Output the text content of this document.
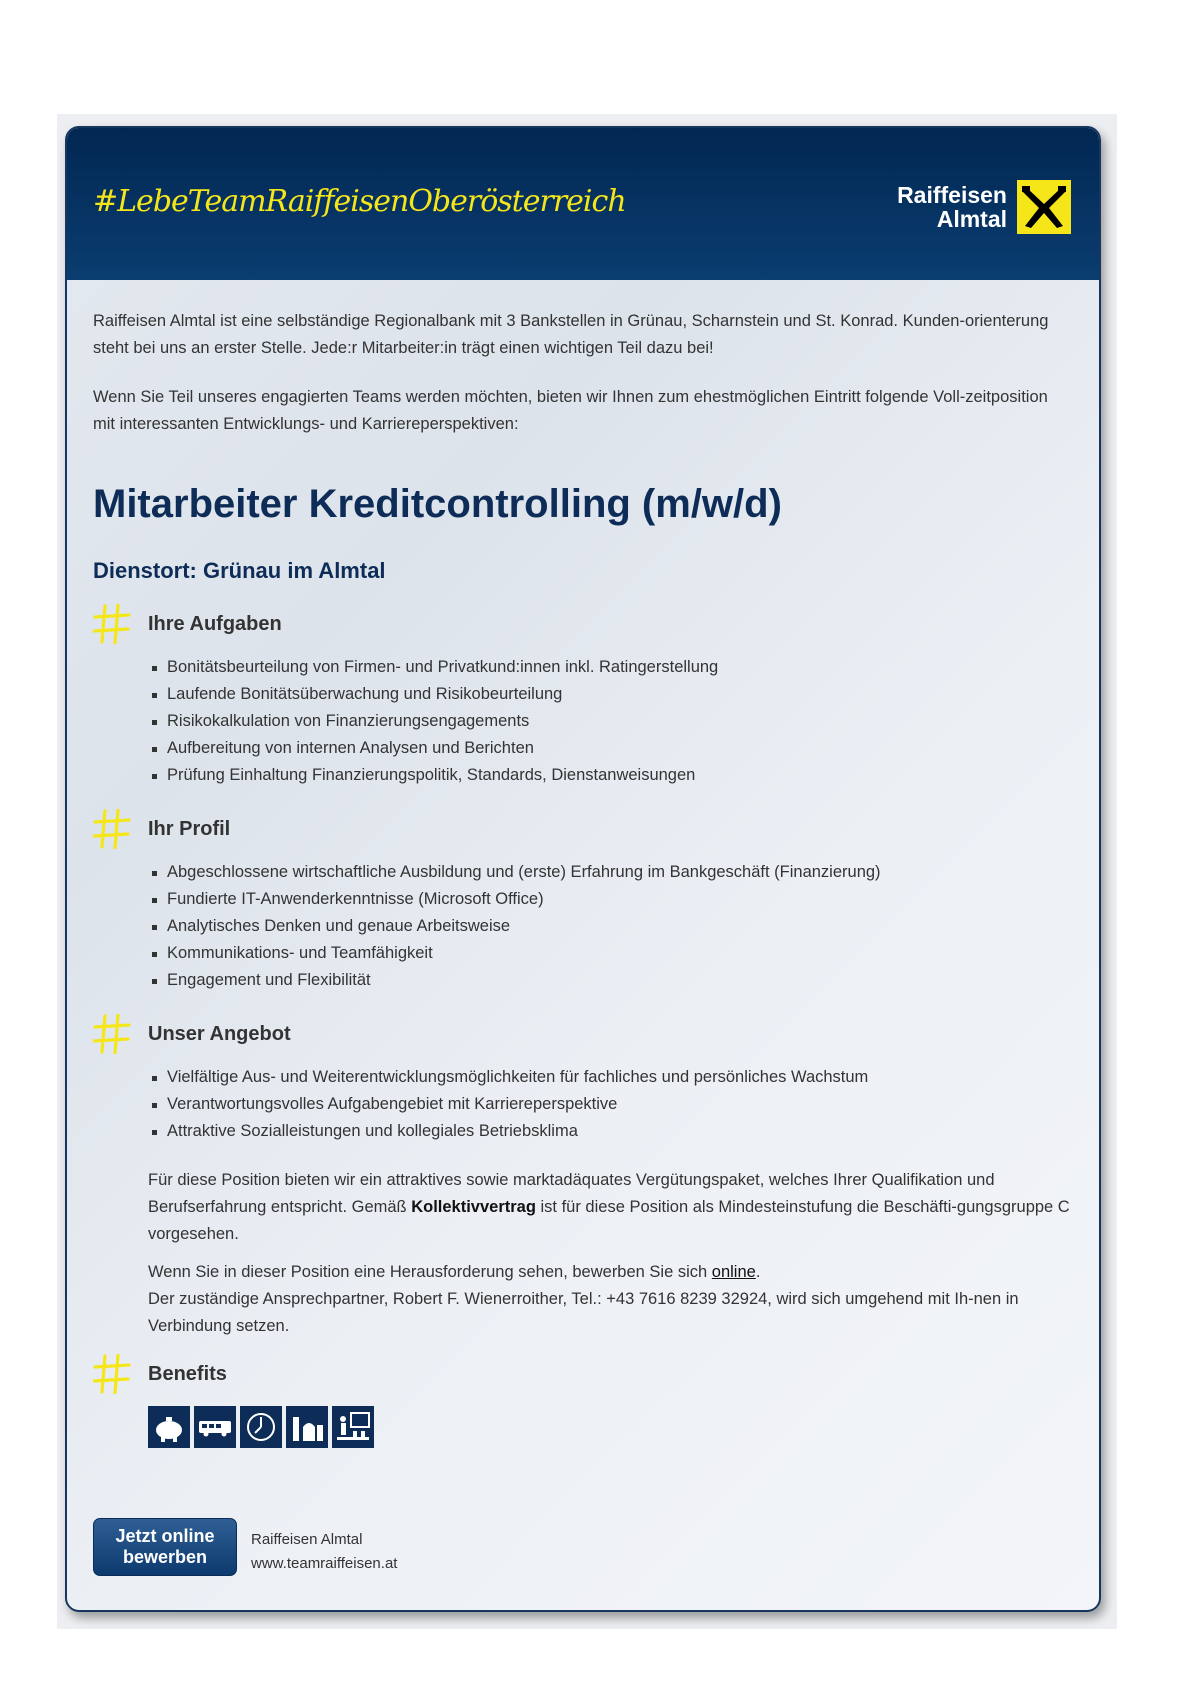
#LebeTeamRaiffeisenOberösterreich	Raiffeisen
Almtal

Raiffeisen Almtal ist eine selbständige Regionalbank mit 3 Bankstellen in Grünau, Scharnstein und St. Konrad. Kunden-orienterung steht bei uns an erster Stelle. Jede:r Mitarbeiter:in trägt einen wichtigen Teil dazu bei!

Wenn Sie Teil unseres engagierten Teams werden möchten, bieten wir Ihnen zum ehestmöglichen Eintritt folgende Voll-zeitposition mit interessanten Entwicklungs- und Karriereperspektiven:

Mitarbeiter Kreditcontrolling (m/w/d)
Dienstort: Grünau im Almtal
Ihre Aufgaben
Bonitätsbeurteilung von Firmen- und Privatkund:innen inkl. Ratingerstellung
Laufende Bonitätsüberwachung und Risikobeurteilung
Risikokalkulation von Finanzierungsengagements
Aufbereitung von internen Analysen und Berichten
Prüfung Einhaltung Finanzierungspolitik, Standards, Dienstanweisungen
Ihr Profil
Abgeschlossene wirtschaftliche Ausbildung und (erste) Erfahrung im Bankgeschäft (Finanzierung)
Fundierte IT-Anwenderkenntnisse (Microsoft Office)
Analytisches Denken und genaue Arbeitsweise
Kommunikations- und Teamfähigkeit
Engagement und Flexibilität
Unser Angebot
Vielfältige Aus- und Weiterentwicklungsmöglichkeiten für fachliches und persönliches Wachstum
Verantwortungsvolles Aufgabengebiet mit Karriereperspektive
Attraktive Sozialleistungen und kollegiales Betriebsklima
Für diese Position bieten wir ein attraktives sowie marktadäquates Vergütungspaket, welches Ihrer Qualifikation und Berufserfahrung entspricht. Gemäß Kollektivvertrag ist für diese Position als Mindesteinstufung die Beschäfti-gungsgruppe C vorgesehen.
Wenn Sie in dieser Position eine Herausforderung sehen, bewerben Sie sich online.
Der zuständige Ansprechpartner, Robert F. Wienerroither, Tel.: +43 7616 8239 32924, wird sich umgehend mit Ih-nen in Verbindung setzen.
Benefits
Jetzt online
bewerben
Raiffeisen Almtal
www.teamraiffeisen.at
